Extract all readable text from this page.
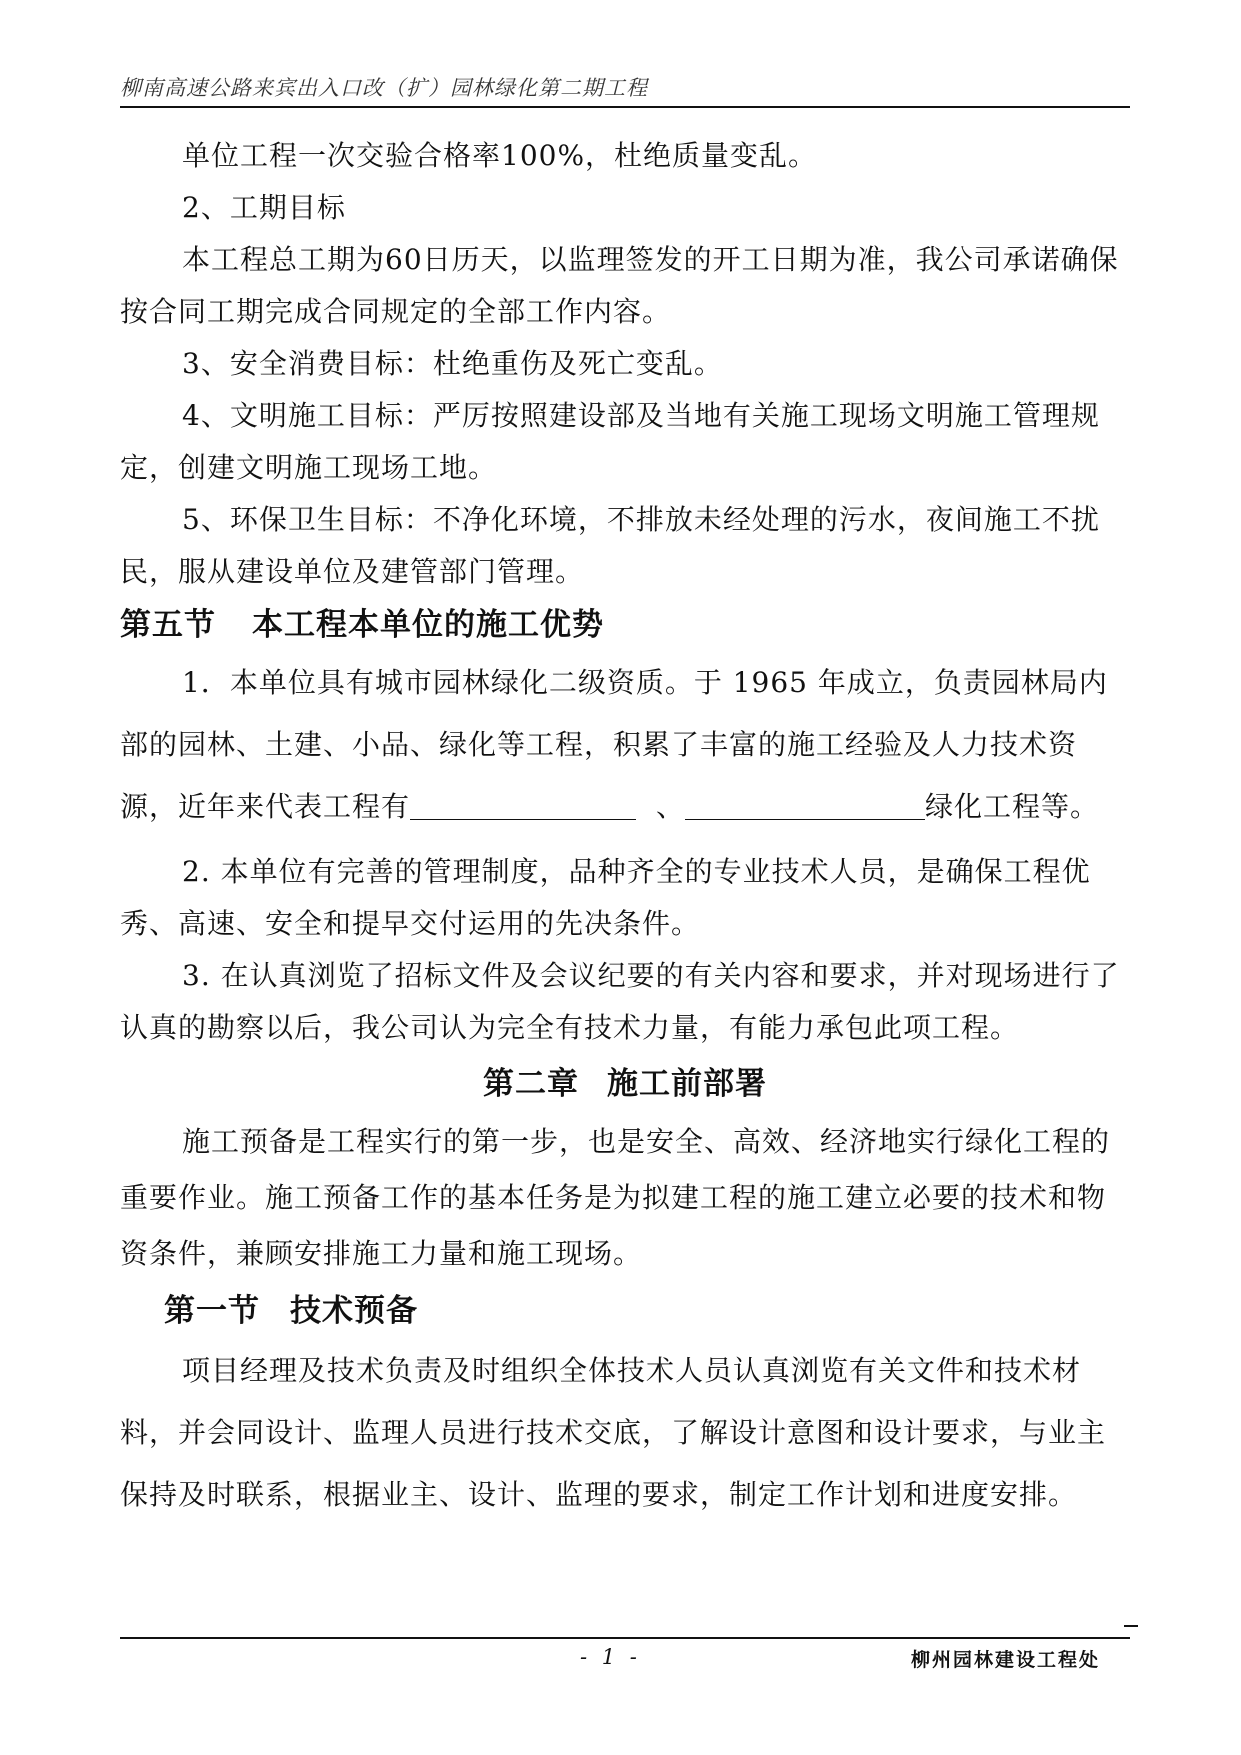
柳南高速公路来宾出入口改（扩）园林绿化第二期工程

单位工程一次交验合格率100%，杜绝质量变乱。

2、工期目标

本工程总工期为60日历天，以监理签发的开工日期为准，我公司承诺确保按合同工期完成合同规定的全部工作内容。

3、安全消费目标：杜绝重伤及死亡变乱。

4、文明施工目标：严厉按照建设部及当地有关施工现场文明施工管理规定，创建文明施工现场工地。

5、环保卫生目标：不净化环境，不排放未经处理的污水，夜间施工不扰民，服从建设单位及建管部门管理。

第五节 本工程本单位的施工优势

1．本单位具有城市园林绿化二级资质。于 1965 年成立，负责园林局内部的园林、土建、小品、绿化等工程，积累了丰富的施工经验及人力技术资源，近年来代表工程有	、	绿化工程等。

2. 本单位有完善的管理制度，品种齐全的专业技术人员，是确保工程优秀、高速、安全和提早交付运用的先决条件。

3. 在认真浏览了招标文件及会议纪要的有关内容和要求，并对现场进行了认真的勘察以后，我公司认为完全有技术力量，有能力承包此项工程。

第二章 施工前部署

施工预备是工程实行的第一步，也是安全、高效、经济地实行绿化工程的重要作业。施工预备工作的基本任务是为拟建工程的施工建立必要的技术和物资条件，兼顾安排施工力量和施工现场。

第一节 技术预备

项目经理及技术负责及时组织全体技术人员认真浏览有关文件和技术材料，并会同设计、监理人员进行技术交底，了解设计意图和设计要求，与业主保持及时联系，根据业主、设计、监理的要求，制定工作计划和进度安排。

- 1 -	柳州园林建设工程处
